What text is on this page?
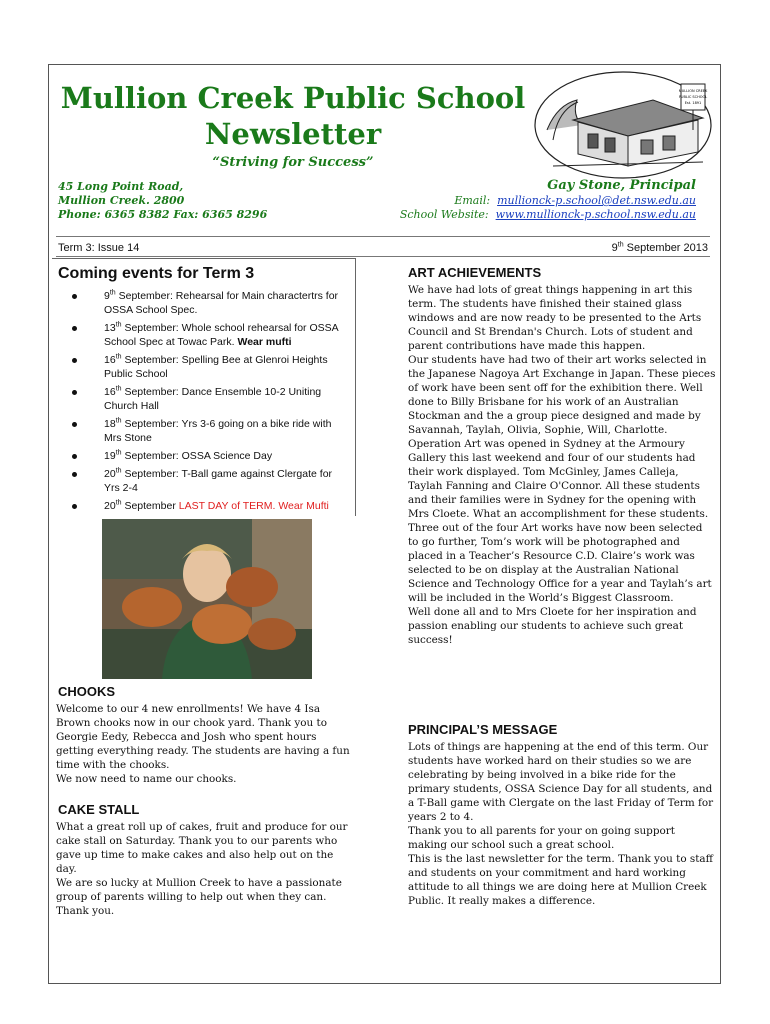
Mullion Creek Public School
Newsletter
“Striving for Success”
45 Long Point Road,
Mullion Creek. 2800
Phone: 6365 8382 Fax: 6365 8296
Gay Stone, Principal
Email: mullionck-p.school@det.nsw.edu.au
School Website: www.mullionck-p.school.nsw.edu.au
MULLION CREEK
PUBLIC SCHOOL
Est. 1891
Term 3: Issue 14	9th September 2013
Coming events for Term 3
9th September: Rehearsal for Main charactertrs for OSSA School Spec.
13th September: Whole school rehearsal for OSSA School Spec at Towac Park. Wear mufti
16th September: Spelling Bee at Glenroi Heights Public School
16th September: Dance Ensemble 10-2 Uniting Church Hall
18th September: Yrs 3-6 going on a bike ride with Mrs Stone
19th September: OSSA Science Day
20th September: T-Ball game against Clergate for Yrs 2-4
20th September LAST DAY of TERM. Wear Mufti
CHOOKS

Welcome to our 4 new enrollments! We have 4 Isa Brown chooks now in our chook yard. Thank you to Georgie Eedy, Rebecca and Josh who spent hours getting everything ready. The students are having a fun time with the chooks.

We now need to name our chooks.

CAKE STALL

What a great roll up of cakes, fruit and produce for our cake stall on Saturday. Thank you to our parents who gave up time to make cakes and also help out on the day.

We are so lucky at Mullion Creek to have a passionate group of parents willing to help out when they can. Thank you.

ART ACHIEVEMENTS

We have had lots of great things happening in art this term. The students have finished their stained glass windows and are now ready to be presented to the Arts Council and St Brendan's Church. Lots of student and parent contributions have made this happen.

Our students have had two of their art works selected in the Japanese Nagoya Art Exchange in Japan. These pieces of work have been sent off for the exhibition there. Well done to Billy Brisbane for his work of an Australian Stockman and the a group piece designed and made by Savannah, Taylah, Olivia, Sophie, Will, Charlotte.

Operation Art was opened in Sydney at the Armoury Gallery this last weekend and four of our students had their work displayed. Tom McGinley, James Calleja, Taylah Fanning and Claire O'Connor. All these students and their families were in Sydney for the opening with Mrs Cloete. What an accomplishment for these students.

Three out of the four Art works have now been selected to go further, Tom’s work will be photographed and placed in a Teacher’s Resource C.D. Claire’s work was selected to be on display at the Australian National Science and Technology Office for a year and Taylah’s art will be included in the World’s Biggest Classroom.

Well done all and to Mrs Cloete for her inspiration and passion enabling our students to achieve such great success!

PRINCIPAL’S MESSAGE

Lots of things are happening at the end of this term. Our students have worked hard on their studies so we are celebrating by being involved in a bike ride for the primary students, OSSA Science Day for all students, and a T-Ball game with Clergate on the last Friday of Term for years 2 to 4.

Thank you to all parents for your on going support making our school such a great school.

This is the last newsletter for the term. Thank you to staff and students on your commitment and hard working attitude to all things we are doing here at Mullion Creek Public. It really makes a difference.
